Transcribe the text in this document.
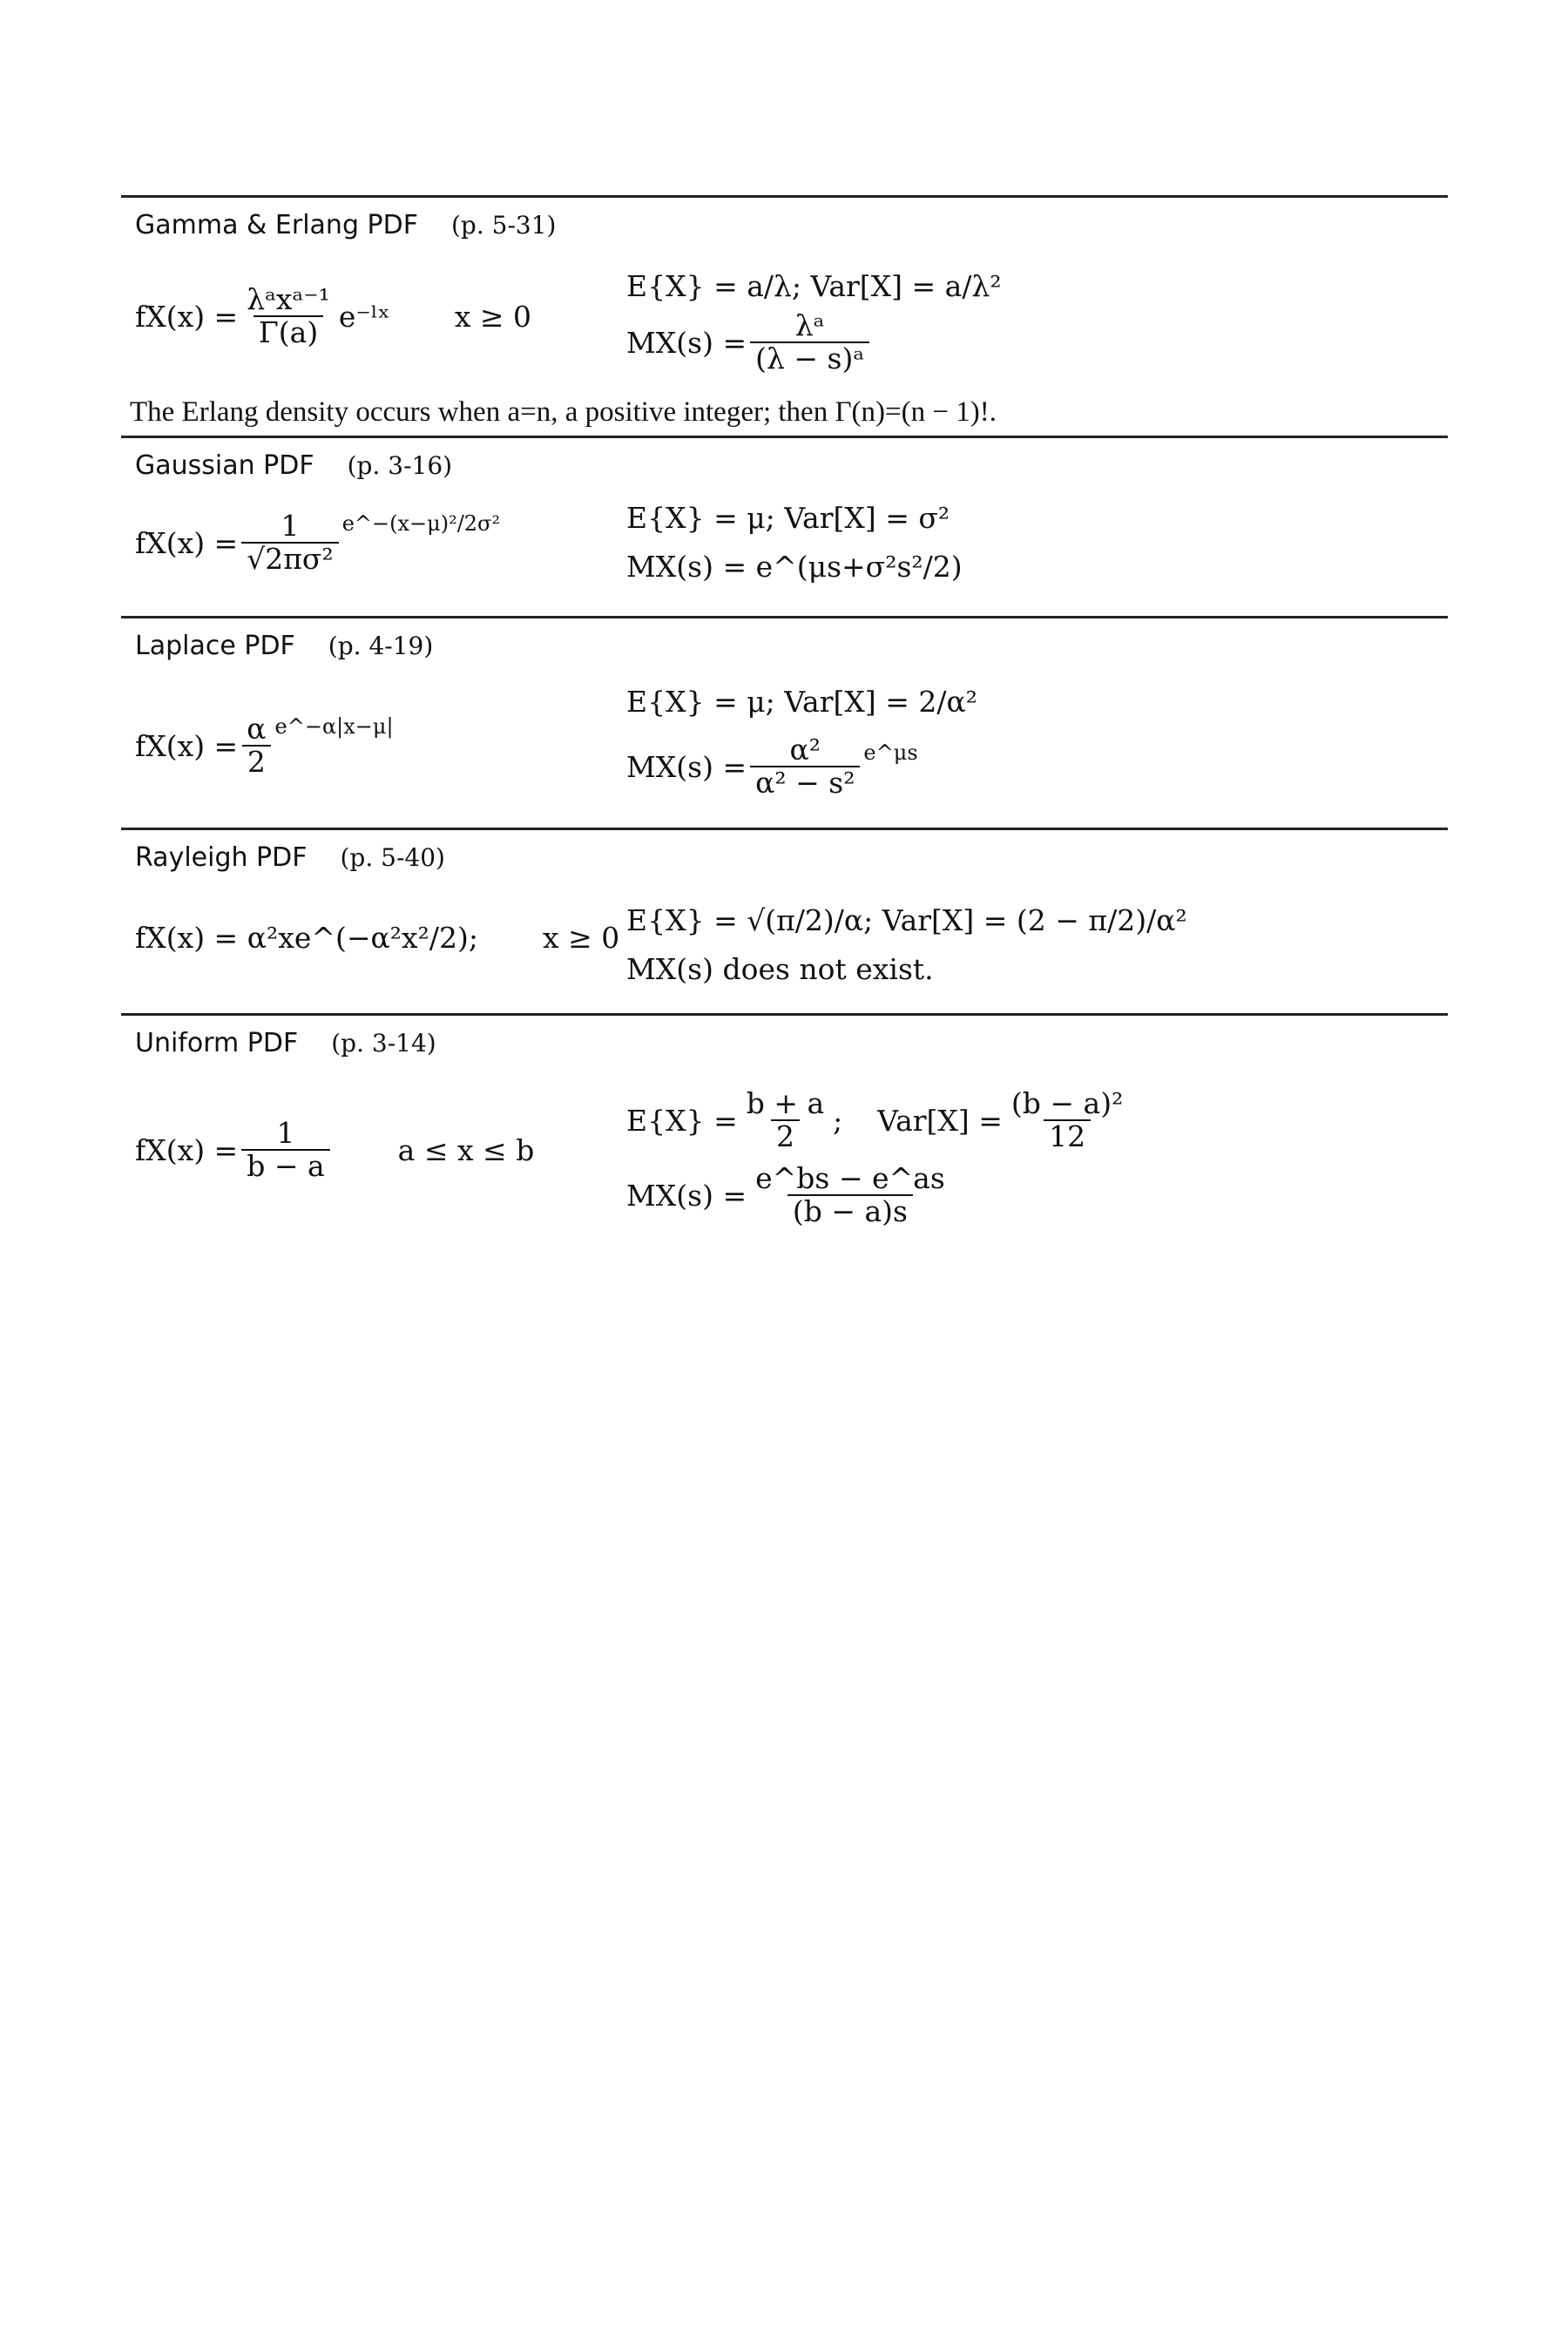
Gamma & Erlang PDF (p. 5-31)
$fX(x) = \frac{\text{λᵃxᵃ⁻¹}}{\Gamma(a)}$ e⁻ˡˣ x ≥ 0
E{X} = a/λ; Var[X] = a/λ²
$MX(s) = \frac{\text{λᵃ}}{\text{(λ − s)ᵃ}}$
The Erlang density occurs when a=n, a positive integer; then Γ(n)=(n − 1)!.
Gaussian PDF (p. 3-16)
$fX(x) = \frac{1}{\text{√2πσ²}}$ e^−(x−μ)²/2σ²	E{X} = μ; Var[X] = σ²
MX(s) = e^(μs+σ²s²/2)
Laplace PDF (p. 4-19)
$fX(x) = \frac{\alpha}{2}$ e^−α|x−μ|
E{X} = μ; Var[X] = 2/α²
$MX(s) = \frac{\text{α²}}{\text{α² − s²}}$ e^μs
Rayleigh PDF (p. 5-40)
fX(x) = α²xe^(−α²x²/2); x ≥ 0
E{X} = √(π/2)/α; Var[X] = (2 − π/2)/α²
MX(s) does not exist.
Uniform PDF (p. 3-14)
$fX(x) = \frac{1}{b - a}$ a ≤ x ≤ b
$E\{X\} = \frac{b + a}{2}$ ; $Var[X] = \frac{\text{(b − a)²}}{12}$
$MX(s) = \frac{e\^{}bs - e\^{}as}{(b - a)s}$
